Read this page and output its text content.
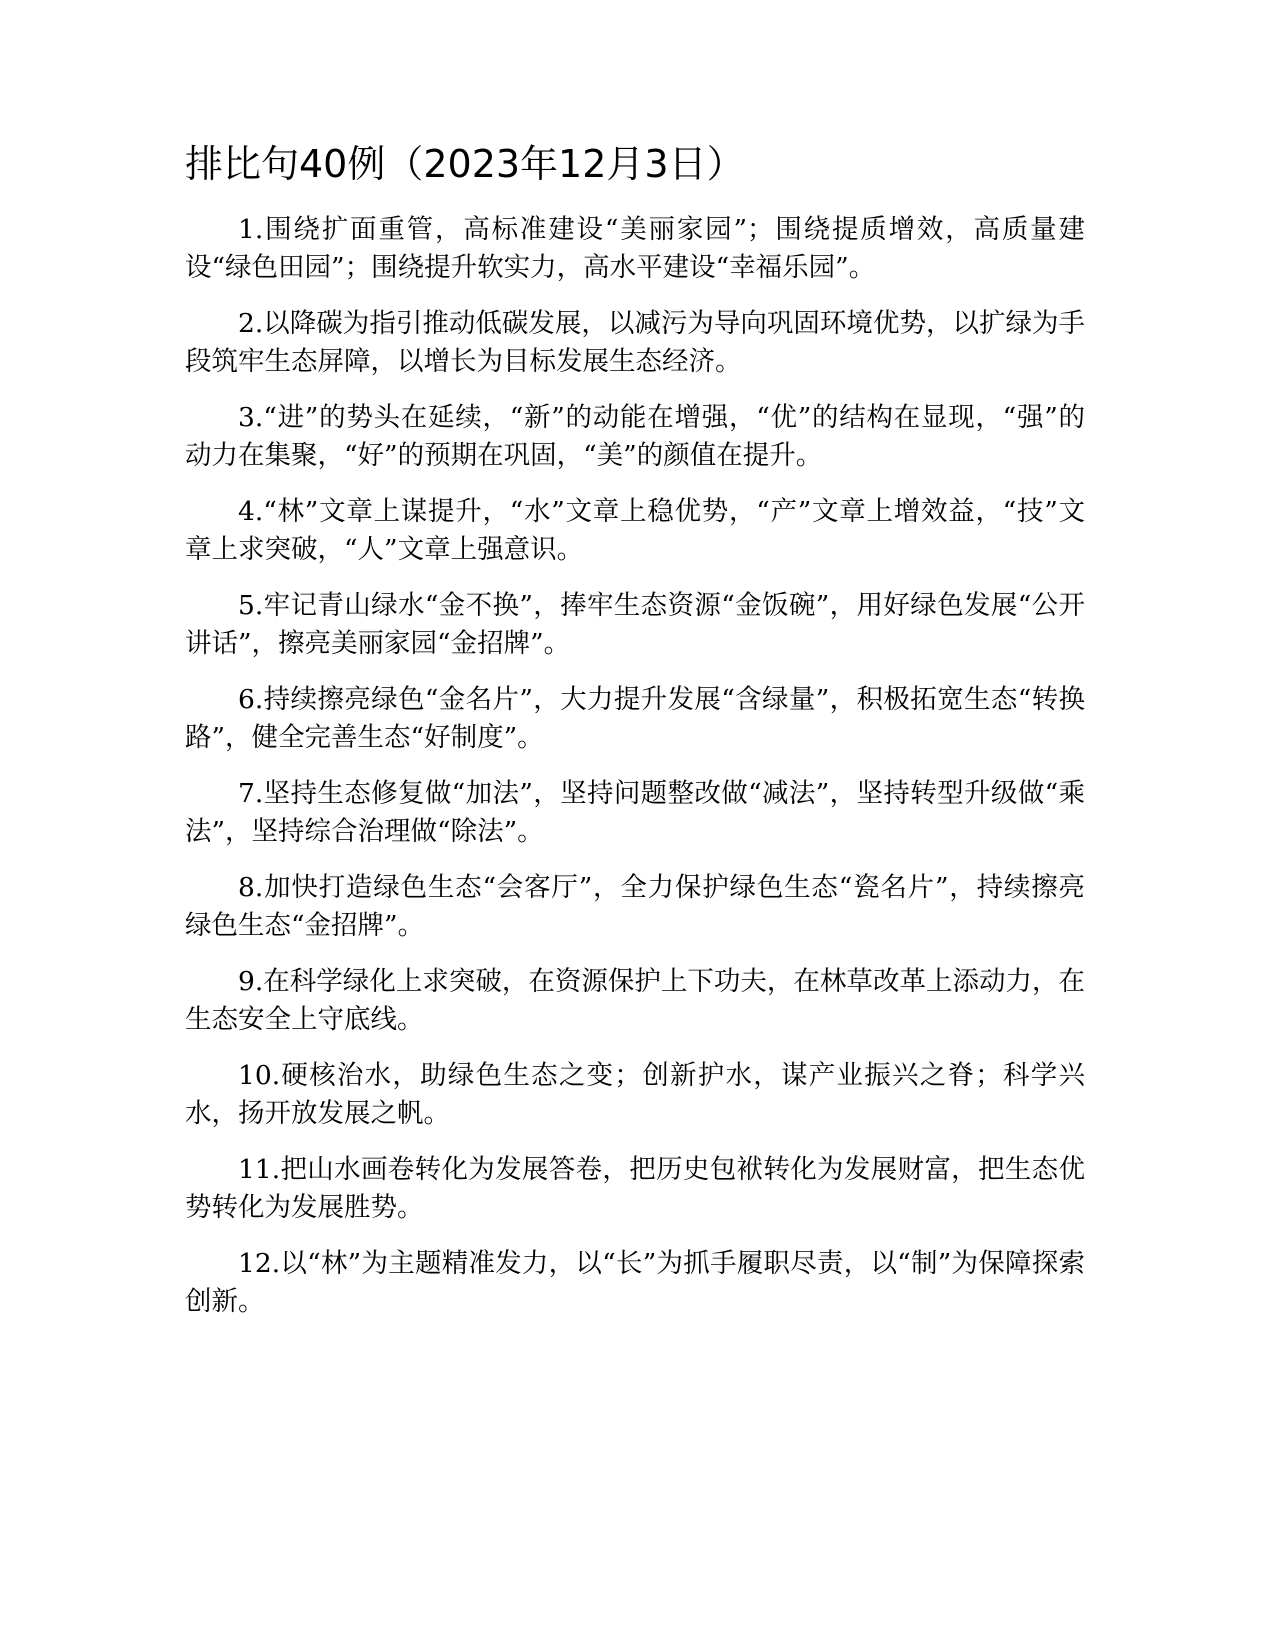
排比句40例（2023年12月3日）

1.围绕扩面重管，高标准建设“美丽家园”；围绕提质增效，高质量建设“绿色田园”；围绕提升软实力，高水平建设“幸福乐园”。

2.以降碳为指引推动低碳发展，以减污为导向巩固环境优势，以扩绿为手段筑牢生态屏障，以增长为目标发展生态经济。

3.“进”的势头在延续，“新”的动能在增强，“优”的结构在显现，“强”的动力在集聚，“好”的预期在巩固，“美”的颜值在提升。

4.“林”文章上谋提升，“水”文章上稳优势，“产”文章上增效益，“技”文章上求突破，“人”文章上强意识。

5.牢记青山绿水“金不换”，捧牢生态资源“金饭碗”，用好绿色发展“公开讲话”，擦亮美丽家园“金招牌”。

6.持续擦亮绿色“金名片”，大力提升发展“含绿量”，积极拓宽生态“转换路”，健全完善生态“好制度”。

7.坚持生态修复做“加法”，坚持问题整改做“减法”，坚持转型升级做“乘法”，坚持综合治理做“除法”。

8.加快打造绿色生态“会客厅”，全力保护绿色生态“瓷名片”，持续擦亮绿色生态“金招牌”。

9.在科学绿化上求突破，在资源保护上下功夫，在林草改革上添动力，在生态安全上守底线。

10.硬核治水，助绿色生态之变；创新护水，谋产业振兴之脊；科学兴水，扬开放发展之帆。

11.把山水画卷转化为发展答卷，把历史包袱转化为发展财富，把生态优势转化为发展胜势。

12.以“林”为主题精准发力，以“长”为抓手履职尽责，以“制”为保障探索创新。
